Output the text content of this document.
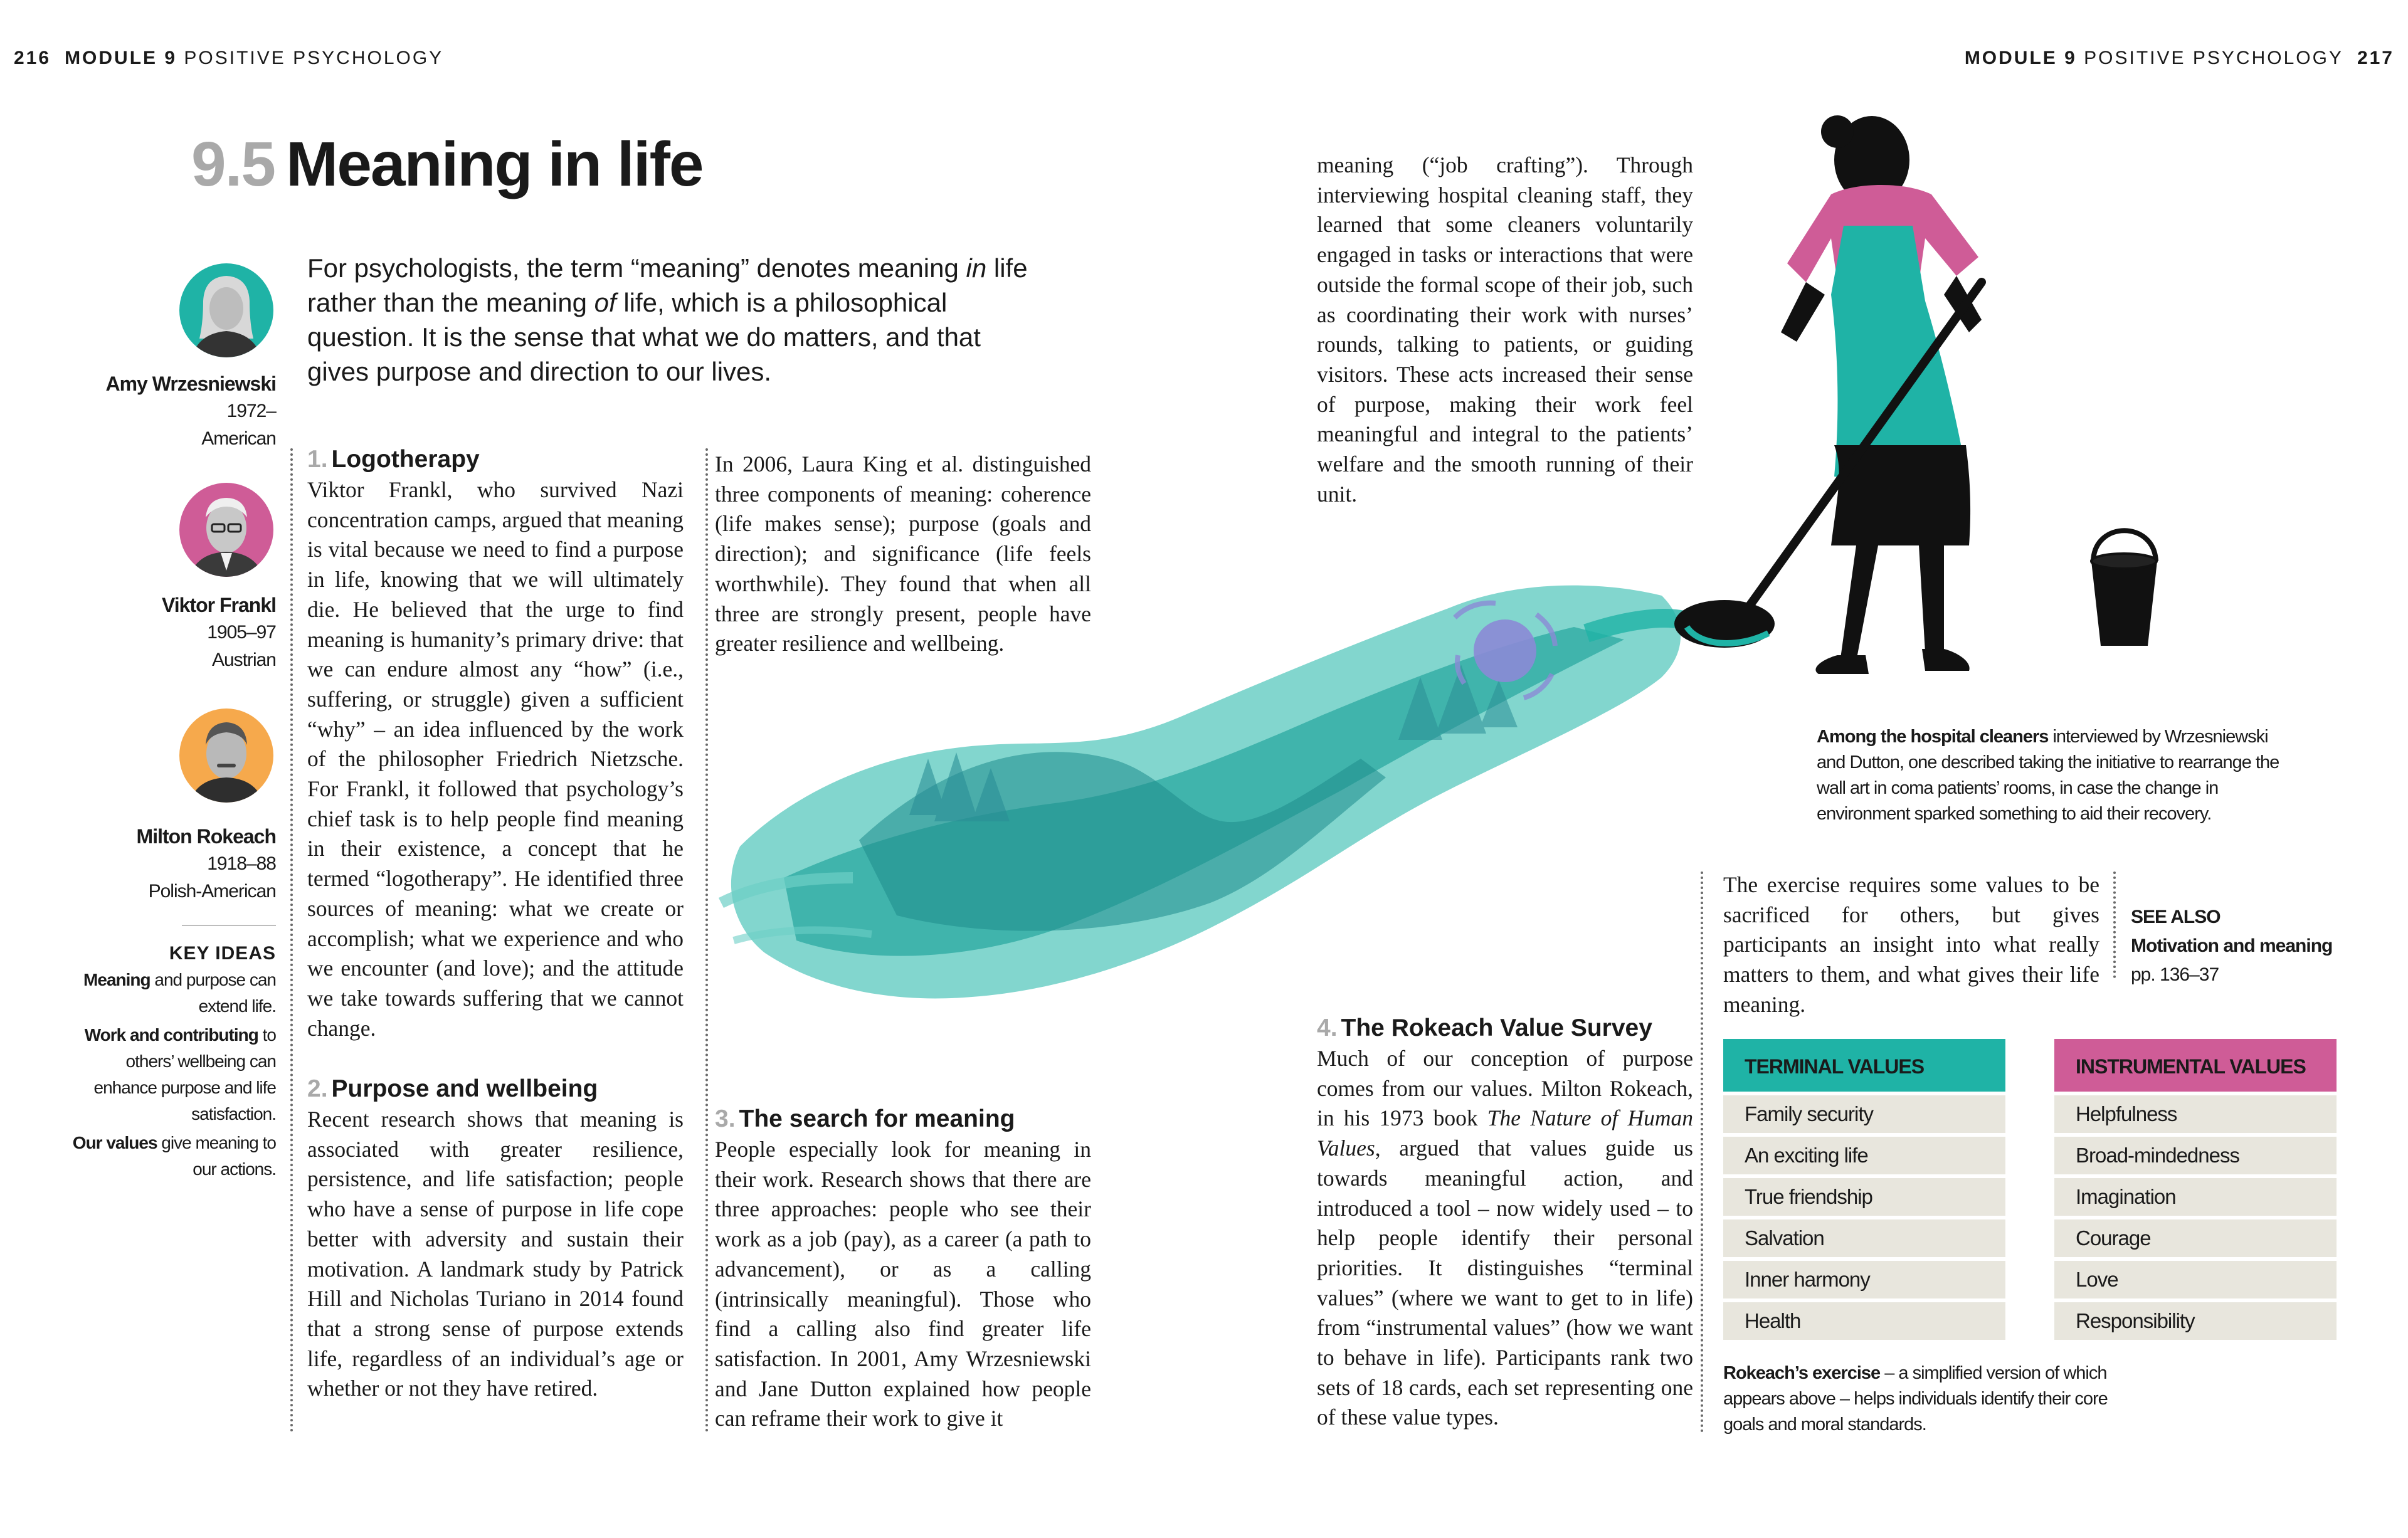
216 MODULE 9 POSITIVE PSYCHOLOGY	MODULE 9 POSITIVE PSYCHOLOGY 217
9.5 Meaning in life
For psychologists, the term “meaning” denotes meaning in life rather than the meaning of life, which is a philosophical question. It is the sense that what we do matters, and that gives purpose and direction to our lives.
Amy Wrzesniewski
1972–
American
Viktor Frankl
1905–97
Austrian
Milton Rokeach
1918–88
Polish-American
KEY IDEAS

Meaning and purpose can extend life.

Work and contributing to others’ wellbeing can enhance purpose and life satisfaction.

Our values give meaning to our actions.

1. Logotherapy
Viktor Frankl, who survived Nazi concentration camps, argued that meaning is vital because we need to find a purpose in life, knowing that we will ultimately die. He believed that the urge to find meaning is humanity’s primary drive: that we can endure almost any “how” (i.e., suffering, or struggle) given a sufficient “why” – an idea influenced by the work of the philosopher Friedrich Nietzsche. For Frankl, it followed that psychology’s chief task is to help people find meaning in their existence, a concept that he termed “logotherapy”. He identified three sources of meaning: what we create or accomplish; what we experience and who we encounter (and love); and the attitude we take towards suffering that we cannot change.
2. Purpose and wellbeing
Recent research shows that meaning is associated with greater resilience, persistence, and life satisfaction; people who have a sense of purpose in life cope better with adversity and sustain their motivation. A landmark study by Patrick Hill and Nicholas Turiano in 2014 found that a strong sense of purpose extends life, regardless of an individual’s age or whether or not they have retired.
In 2006, Laura King et al. distinguished three components of meaning: coherence (life makes sense); purpose (goals and direction); and significance (life feels worthwhile). They found that when all three are strongly present, people have greater resilience and wellbeing.
3. The search for meaning
People especially look for meaning in their work. Research shows that there are three approaches: people who see their work as a job (pay), as a career (a path to advancement), or as a calling (intrinsically meaningful). Those who find a calling also find greater life satisfaction. In 2001, Amy Wrzesniewski and Jane Dutton explained how people can reframe their work to give it
meaning (“job crafting”). Through interviewing hospital cleaning staff, they learned that some cleaners voluntarily engaged in tasks or interactions that were outside the formal scope of their job, such as coordinating their work with nurses’ rounds, talking to patients, or guiding visitors. These acts increased their sense of purpose, making their work feel meaningful and integral to the patients’ welfare and the smooth running of their unit.
Among the hospital cleaners interviewed by Wrzesniewski and Dutton, one described taking the initiative to rearrange the wall art in coma patients’ rooms, in case the change in environment sparked something to aid their recovery.
4. The Rokeach Value Survey
Much of our conception of purpose comes from our values. Milton Rokeach, in his 1973 book The Nature of Human Values, argued that values guide us towards meaningful action, and introduced a tool – now widely used – to help people identify their personal priorities. It distinguishes “terminal values” (where we want to get to in life) from “instrumental values” (how we want to behave in life). Participants rank two sets of 18 cards, each set representing one of these value types.
The exercise requires some values to be sacrificed for others, but gives participants an insight into what really matters to them, and what gives their life meaning.
SEE ALSO
Motivation and meaning pp. 136–37
TERMINAL VALUES
Family security
An exciting life
True friendship
Salvation
Inner harmony
Health
INSTRUMENTAL VALUES
Helpfulness
Broad-mindedness
Imagination
Courage
Love
Responsibility
Rokeach’s exercise – a simplified version of which appears above – helps individuals identify their core goals and moral standards.
